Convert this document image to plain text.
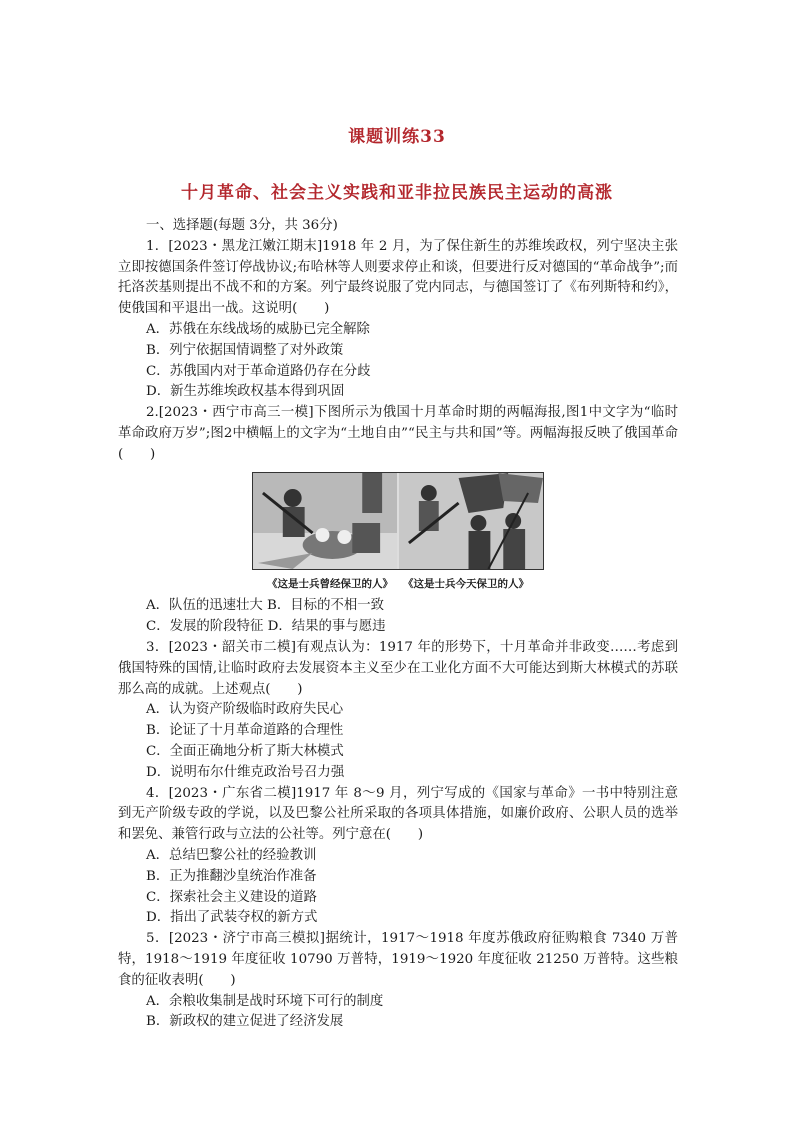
课题训练33
十月革命、社会主义实践和亚非拉民族民主运动的高涨

一、选择题(每题 3分，共 36分)

1．[2023・黑龙江嫩江期末]1918 年 2 月，为了保住新生的苏维埃政权，列宁坚决主张立即按德国条件签订停战协议;布哈林等人则要求停止和谈，但要进行反对德国的“革命战争”;而托洛茨基则提出不战不和的方案。列宁最终说服了党内同志，与德国签订了《布列斯特和约》，使俄国和平退出一战。这说明(　　)

A．苏俄在东线战场的威胁已完全解除

B．列宁依据国情调整了对外政策

C．苏俄国内对于革命道路仍存在分歧

D．新生苏维埃政权基本得到巩固

2.[2023・西宁市高三一模]下图所示为俄国十月革命时期的两幅海报,图1中文字为“临时革命政府万岁”;图2中横幅上的文字为“土地自由”“民主与共和国”等。两幅海报反映了俄国革命(　　)

《这是士兵曾经保卫的人》 《这是士兵今天保卫的人》

A．队伍的迅速壮大 B．目标的不相一致

C．发展的阶段特征 D．结果的事与愿违

3．[2023・韶关市二模]有观点认为：1917 年的形势下，十月革命并非政变……考虑到俄国特殊的国情,让临时政府去发展资本主义至少在工业化方面不大可能达到斯大林模式的苏联那么高的成就。上述观点(　　)

A．认为资产阶级临时政府失民心

B．论证了十月革命道路的合理性

C．全面正确地分析了斯大林模式

D．说明布尔什维克政治号召力强

4．[2023・广东省二模]1917 年 8～9 月，列宁写成的《国家与革命》一书中特别注意到无产阶级专政的学说，以及巴黎公社所采取的各项具体措施，如廉价政府、公职人员的选举和罢免、兼管行政与立法的公社等。列宁意在(　　)

A．总结巴黎公社的经验教训

B．正为推翻沙皇统治作准备

C．探索社会主义建设的道路

D．指出了武装夺权的新方式

5．[2023・济宁市高三模拟]据统计，1917～1918 年度苏俄政府征购粮食 7340 万普特，1918～1919 年度征收 10790 万普特，1919～1920 年度征收 21250 万普特。这些粮食的征收表明(　　)

A．余粮收集制是战时环境下可行的制度

B．新政权的建立促进了经济发展
